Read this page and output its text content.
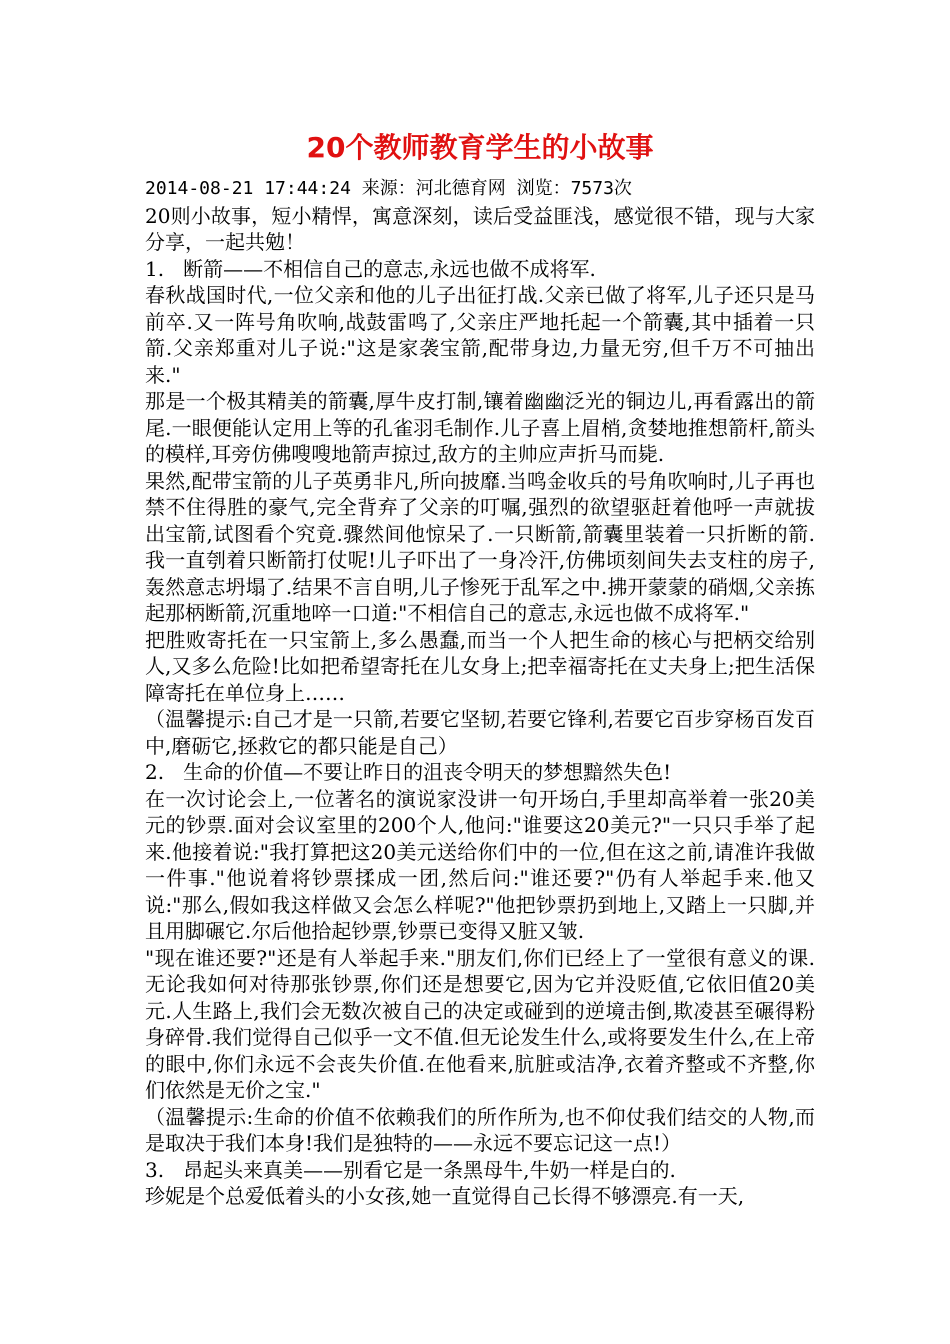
20个教师教育学生的小故事
2014-08-21 17:44:24 来源：河北德育网 浏览：7573次
20则小故事，短小精悍，寓意深刻，读后受益匪浅，感觉很不错，现与大家分享，一起共勉！
1.   断箭——不相信自己的意志,永远也做不成将军.
春秋战国时代,一位父亲和他的儿子出征打战.父亲已做了将军,儿子还只是马前卒.又一阵号角吹响,战鼓雷鸣了,父亲庄严地托起一个箭囊,其中插着一只箭.父亲郑重对儿子说:"这是家袭宝箭,配带身边,力量无穷,但千万不可抽出来."
那是一个极其精美的箭囊,厚牛皮打制,镶着幽幽泛光的铜边儿,再看露出的箭尾.一眼便能认定用上等的孔雀羽毛制作.儿子喜上眉梢,贪婪地推想箭杆,箭头的模样,耳旁仿佛嗖嗖地箭声掠过,敌方的主帅应声折马而毙.
果然,配带宝箭的儿子英勇非凡,所向披靡.当鸣金收兵的号角吹响时,儿子再也禁不住得胜的豪气,完全背弃了父亲的叮嘱,强烈的欲望驱赶着他呼一声就拔出宝箭,试图看个究竟.骤然间他惊呆了.一只断箭,箭囊里装着一只折断的箭.我一直刳着只断箭打仗呢!儿子吓出了一身冷汗,仿佛顷刻间失去支柱的房子,轰然意志坍塌了.结果不言自明,儿子惨死于乱军之中.拂开蒙蒙的硝烟,父亲拣起那柄断箭,沉重地啐一口道:"不相信自己的意志,永远也做不成将军."
把胜败寄托在一只宝箭上,多么愚蠢,而当一个人把生命的核心与把柄交给别人,又多么危险!比如把希望寄托在儿女身上;把幸福寄托在丈夫身上;把生活保障寄托在单位身上……
（温馨提示:自己才是一只箭,若要它坚韧,若要它锋利,若要它百步穿杨百发百中,磨砺它,拯救它的都只能是自己）
2.   生命的价值—不要让昨日的沮丧令明天的梦想黯然失色!
在一次讨论会上,一位著名的演说家没讲一句开场白,手里却高举着一张20美元的钞票.面对会议室里的200个人,他问:"谁要这20美元?"一只只手举了起来.他接着说:"我打算把这20美元送给你们中的一位,但在这之前,请准许我做一件事."他说着将钞票揉成一团,然后问:"谁还要?"仍有人举起手来.他又说:"那么,假如我这样做又会怎么样呢?"他把钞票扔到地上,又踏上一只脚,并且用脚碾它.尔后他拾起钞票,钞票已变得又脏又皱.
"现在谁还要?"还是有人举起手来."朋友们,你们已经上了一堂很有意义的课.无论我如何对待那张钞票,你们还是想要它,因为它并没贬值,它依旧值20美元.人生路上,我们会无数次被自己的决定或碰到的逆境击倒,欺凌甚至碾得粉身碎骨.我们觉得自己似乎一文不值.但无论发生什么,或将要发生什么,在上帝的眼中,你们永远不会丧失价值.在他看来,肮脏或洁净,衣着齐整或不齐整,你们依然是无价之宝."
（温馨提示:生命的价值不依赖我们的所作所为,也不仰仗我们结交的人物,而是取决于我们本身!我们是独特的——永远不要忘记这一点!）
3.   昂起头来真美——别看它是一条黑母牛,牛奶一样是白的.
珍妮是个总爱低着头的小女孩,她一直觉得自己长得不够漂亮.有一天,
